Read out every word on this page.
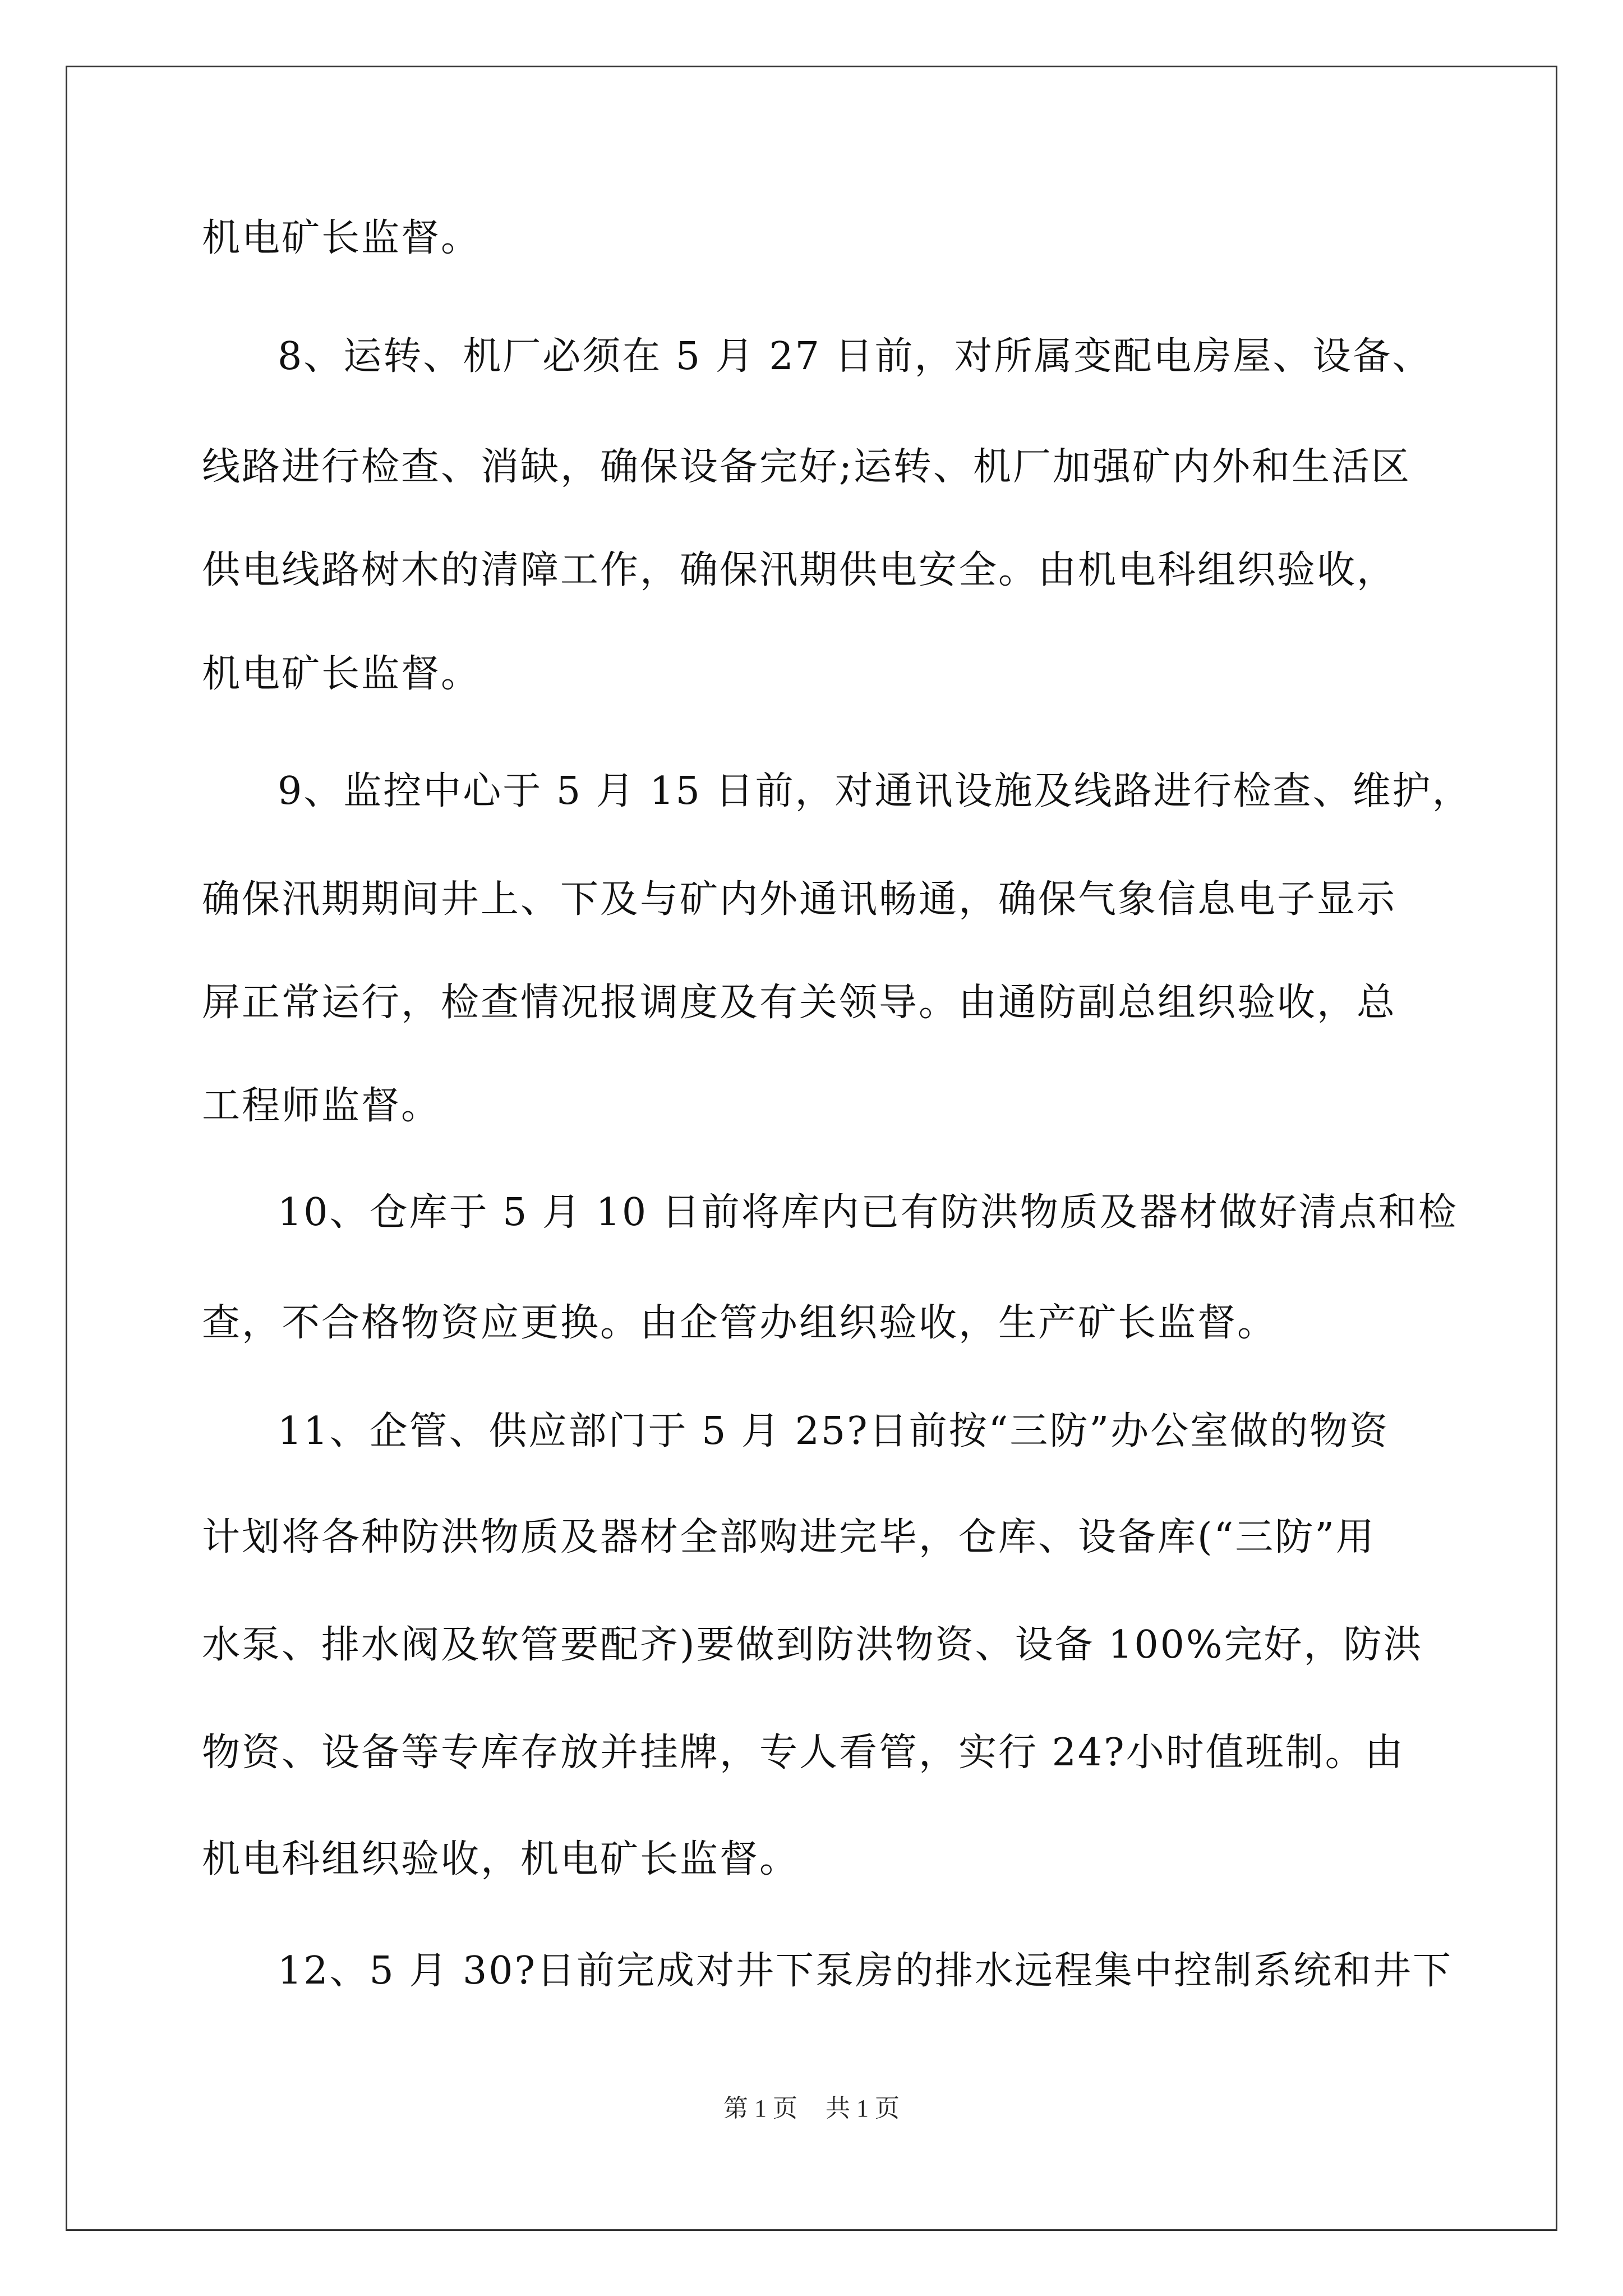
机电矿长监督。
8、运转、机厂必须在 5 月 27 日前，对所属变配电房屋、设备、
线路进行检查、消缺，确保设备完好;运转、机厂加强矿内外和生活区
供电线路树木的清障工作，确保汛期供电安全。由机电科组织验收，
机电矿长监督。
9、监控中心于 5 月 15 日前，对通讯设施及线路进行检查、维护，
确保汛期期间井上、下及与矿内外通讯畅通，确保气象信息电子显示
屏正常运行，检查情况报调度及有关领导。由通防副总组织验收，总
工程师监督。
10、仓库于 5 月 10 日前将库内已有防洪物质及器材做好清点和检
查，不合格物资应更换。由企管办组织验收，生产矿长监督。
11、企管、供应部门于 5 月 25?日前按“三防”办公室做的物资
计划将各种防洪物质及器材全部购进完毕，仓库、设备库(“三防”用
水泵、排水阀及软管要配齐)要做到防洪物资、设备 100%完好，防洪
物资、设备等专库存放并挂牌，专人看管，实行 24?小时值班制。由
机电科组织验收，机电矿长监督。
12、5 月 30?日前完成对井下泵房的排水远程集中控制系统和井下
第 1 页 共 1 页
